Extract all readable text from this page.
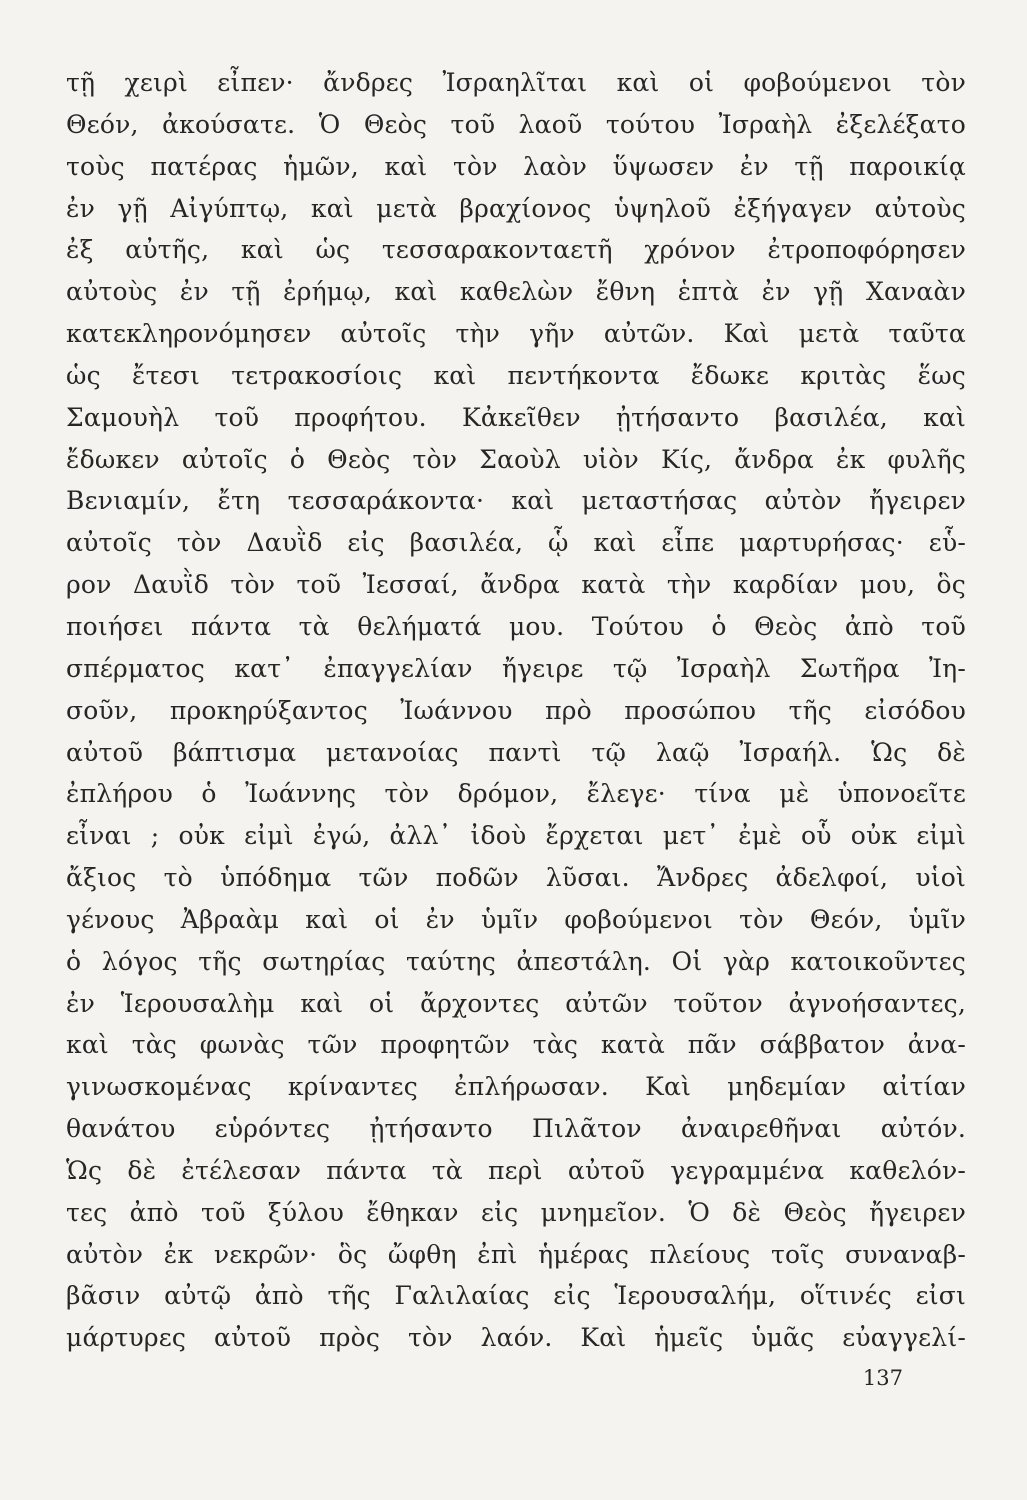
τῇ χειρὶ εἶπεν· ἄνδρες Ἰσραηλῖται καὶ οἱ φοβούμενοι τὸν
Θεόν, ἀκούσατε. Ὁ Θεὸς τοῦ λαοῦ τούτου Ἰσραὴλ ἐξελέξατο
τοὺς πατέρας ἡμῶν, καὶ τὸν λαὸν ὕψωσεν ἐν τῇ παροικίᾳ
ἐν γῇ Αἰγύπτῳ, καὶ μετὰ βραχίονος ὑψηλοῦ ἐξήγαγεν αὐτοὺς
ἐξ αὐτῆς, καὶ ὡς τεσσαρακονταετῆ χρόνον ἐτροποφόρησεν
αὐτοὺς ἐν τῇ ἐρήμῳ, καὶ καθελὼν ἔθνη ἑπτὰ ἐν γῇ Χαναὰν
κατεκληρονόμησεν αὐτοῖς τὴν γῆν αὐτῶν. Καὶ μετὰ ταῦτα
ὡς ἔτεσι τετρακοσίοις καὶ πεντήκοντα ἔδωκε κριτὰς ἕως
Σαμουὴλ τοῦ προφήτου. Κἀκεῖθεν ᾐτήσαντο βασιλέα, καὶ
ἔδωκεν αὐτοῖς ὁ Θεὸς τὸν Σαοὺλ υἱὸν Κίς, ἄνδρα ἐκ φυλῆς
Βενιαμίν, ἔτη τεσσαράκοντα· καὶ μεταστήσας αὐτὸν ἤγειρεν
αὐτοῖς τὸν Δαυῒδ εἰς βασιλέα, ᾧ καὶ εἶπε μαρτυρήσας· εὗ-
ρον Δαυῒδ τὸν τοῦ Ἰεσσαί, ἄνδρα κατὰ τὴν καρδίαν μου, ὃς
ποιήσει πάντα τὰ θελήματά μου. Τούτου ὁ Θεὸς ἀπὸ τοῦ
σπέρματος κατ᾽ ἐπαγγελίαν ἤγειρε τῷ Ἰσραὴλ Σωτῆρα Ἰη-
σοῦν, προκηρύξαντος Ἰωάννου πρὸ προσώπου τῆς εἰσόδου
αὐτοῦ βάπτισμα μετανοίας παντὶ τῷ λαῷ Ἰσραήλ. Ὡς δὲ
ἐπλήρου ὁ Ἰωάννης τὸν δρόμον, ἔλεγε· τίνα μὲ ὑπονοεῖτε
εἶναι ; οὐκ εἰμὶ ἐγώ, ἀλλ᾽ ἰδοὺ ἔρχεται μετ᾽ ἐμὲ οὗ οὐκ εἰμὶ
ἄξιος τὸ ὑπόδημα τῶν ποδῶν λῦσαι. Ἄνδρες ἀδελφοί, υἱοὶ
γένους Ἀβραὰμ καὶ οἱ ἐν ὑμῖν φοβούμενοι τὸν Θεόν, ὑμῖν
ὁ λόγος τῆς σωτηρίας ταύτης ἀπεστάλη. Οἱ γὰρ κατοικοῦντες
ἐν Ἱερουσαλὴμ καὶ οἱ ἄρχοντες αὐτῶν τοῦτον ἀγνοήσαντες,
καὶ τὰς φωνὰς τῶν προφητῶν τὰς κατὰ πᾶν σάββατον ἀνα-
γινωσκομένας κρίναντες ἐπλήρωσαν. Καὶ μηδεμίαν αἰτίαν
θανάτου εὑρόντες ᾐτήσαντο Πιλᾶτον ἀναιρεθῆναι αὐτόν.
Ὡς δὲ ἐτέλεσαν πάντα τὰ περὶ αὐτοῦ γεγραμμένα καθελόν-
τες ἀπὸ τοῦ ξύλου ἔθηκαν εἰς μνημεῖον. Ὁ δὲ Θεὸς ἤγειρεν
αὐτὸν ἐκ νεκρῶν· ὃς ὤφθη ἐπὶ ἡμέρας πλείους τοῖς συναναβ-
βᾶσιν αὐτῷ ἀπὸ τῆς Γαλιλαίας εἰς Ἱερουσαλήμ, οἵτινές εἰσι
μάρτυρες αὐτοῦ πρὸς τὸν λαόν. Καὶ ἡμεῖς ὑμᾶς εὐαγγελί-
137
